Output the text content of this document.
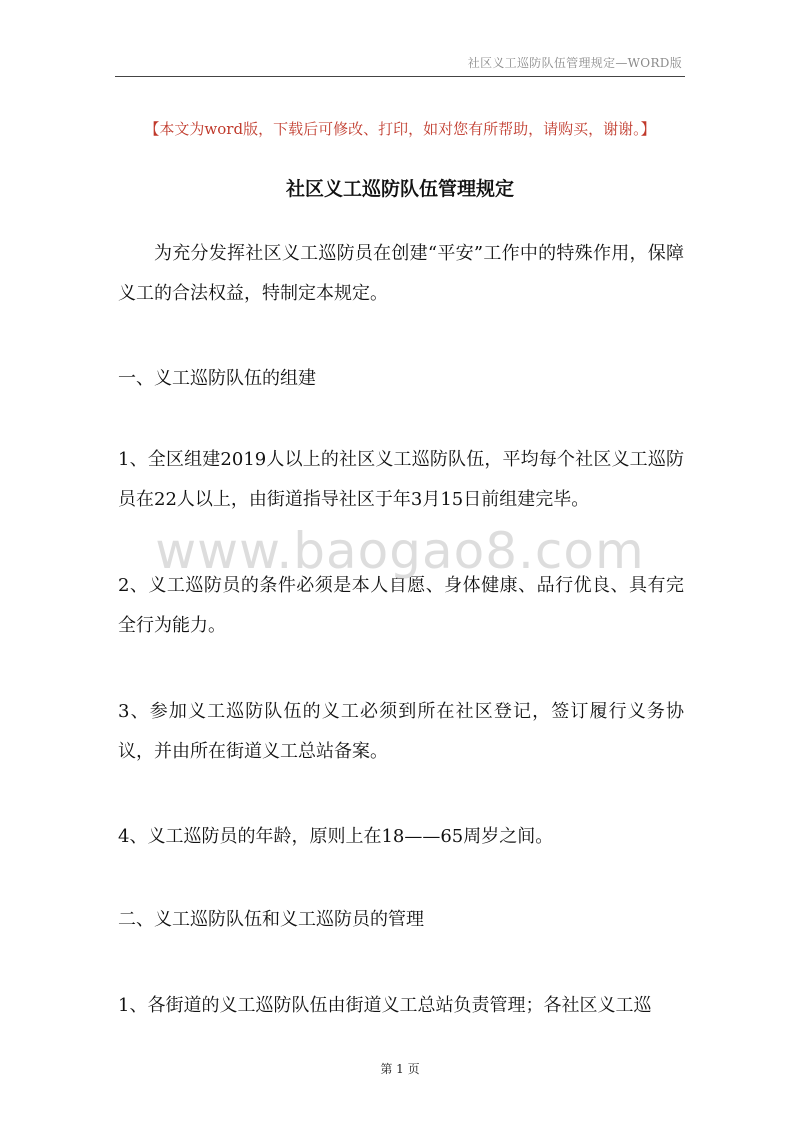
社区义工巡防队伍管理规定—WORD版
【本文为word版，下载后可修改、打印，如对您有所帮助，请购买，谢谢。】
社区义工巡防队伍管理规定

为充分发挥社区义工巡防员在创建“平安”工作中的特殊作用，保障义工的合法权益，特制定本规定。

一、义工巡防队伍的组建

1、全区组建2019人以上的社区义工巡防队伍，平均每个社区义工巡防员在22人以上，由街道指导社区于年3月15日前组建完毕。

2、义工巡防员的条件必须是本人自愿、身体健康、品行优良、具有完全行为能力。

3、参加义工巡防队伍的义工必须到所在社区登记，签订履行义务协议，并由所在街道义工总站备案。

4、义工巡防员的年龄，原则上在18——65周岁之间。

二、义工巡防队伍和义工巡防员的管理

1、各街道的义工巡防队伍由街道义工总站负责管理；各社区义工巡

www.baogao8.com
第 1 页
